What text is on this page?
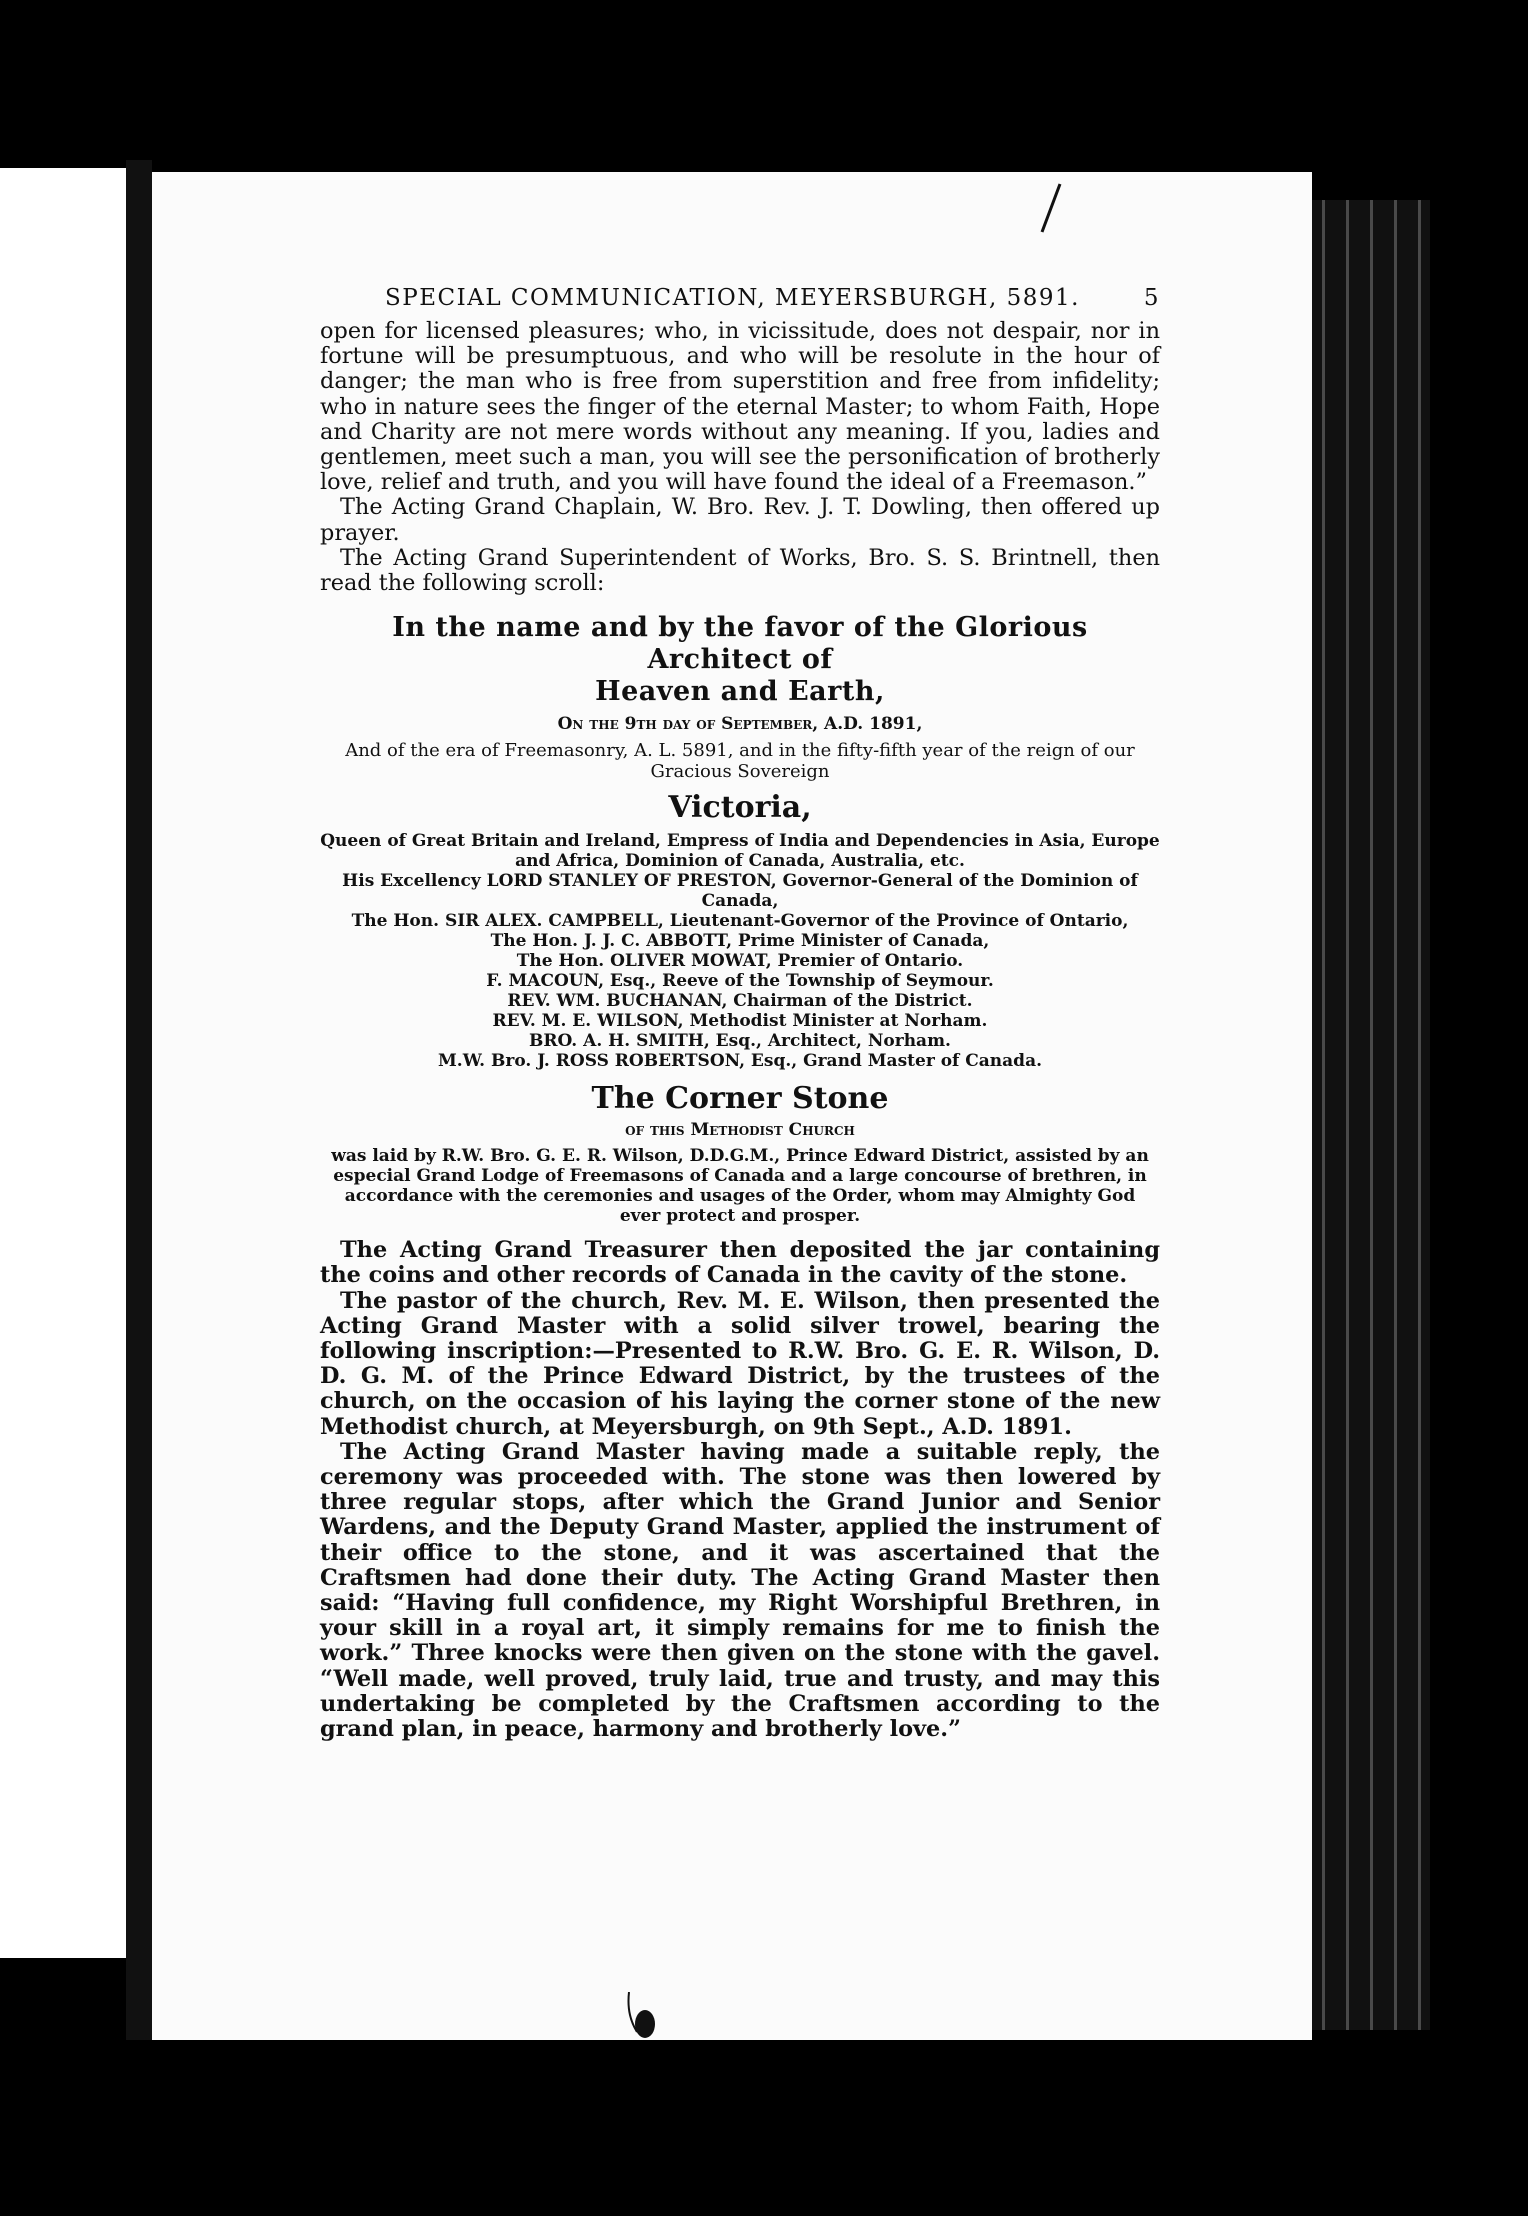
SPECIAL COMMUNICATION, MEYERSBURGH, 5891.	5

open for licensed pleasures; who, in vicissitude, does not despair, nor in fortune will be presumptuous, and who will be resolute in the hour of danger; the man who is free from superstition and free from infidelity; who in nature sees the finger of the eternal Master; to whom Faith, Hope and Charity are not mere words without any meaning. If you, ladies and gentlemen, meet such a man, you will see the personification of brotherly love, relief and truth, and you will have found the ideal of a Freemason.”

The Acting Grand Chaplain, W. Bro. Rev. J. T. Dowling, then offered up prayer.

The Acting Grand Superintendent of Works, Bro. S. S. Brintnell, then read the following scroll:

In the name and by the favor of the Glorious Architect of
Heaven and Earth,
On the 9th day of September, A.D. 1891,
And of the era of Freemasonry, A. L. 5891, and in the fifty-fifth year of the reign of our Gracious Sovereign
Victoria,
Queen of Great Britain and Ireland, Empress of India and Dependencies in Asia, Europe and Africa, Dominion of Canada, Australia, etc.
His Excellency LORD STANLEY OF PRESTON, Governor-General of the Dominion of Canada,
The Hon. SIR ALEX. CAMPBELL, Lieutenant-Governor of the Province of Ontario,
The Hon. J. J. C. ABBOTT, Prime Minister of Canada,
The Hon. OLIVER MOWAT, Premier of Ontario.
F. MACOUN, Esq., Reeve of the Township of Seymour.
REV. WM. BUCHANAN, Chairman of the District.
REV. M. E. WILSON, Methodist Minister at Norham.
BRO. A. H. SMITH, Esq., Architect, Norham.
M.W. Bro. J. ROSS ROBERTSON, Esq., Grand Master of Canada.
The Corner Stone
of this Methodist Church
was laid by R.W. Bro. G. E. R. Wilson, D.D.G.M., Prince Edward District, assisted by an especial Grand Lodge of Freemasons of Canada and a large concourse of brethren, in accordance with the ceremonies and usages of the Order, whom may Almighty God ever protect and prosper.

The Acting Grand Treasurer then deposited the jar containing the coins and other records of Canada in the cavity of the stone.

The pastor of the church, Rev. M. E. Wilson, then presented the Acting Grand Master with a solid silver trowel, bearing the following inscription:—Presented to R.W. Bro. G. E. R. Wilson, D. D. G. M. of the Prince Edward District, by the trustees of the church, on the occasion of his laying the corner stone of the new Methodist church, at Meyersburgh, on 9th Sept., A.D. 1891.

The Acting Grand Master having made a suitable reply, the ceremony was proceeded with. The stone was then lowered by three regular stops, after which the Grand Junior and Senior Wardens, and the Deputy Grand Master, applied the instrument of their office to the stone, and it was ascertained that the Craftsmen had done their duty. The Acting Grand Master then said: “Having full confidence, my Right Worshipful Brethren, in your skill in a royal art, it simply remains for me to finish the work.” Three knocks were then given on the stone with the gavel. “Well made, well proved, truly laid, true and trusty, and may this undertaking be completed by the Craftsmen according to the grand plan, in peace, harmony and brotherly love.”
